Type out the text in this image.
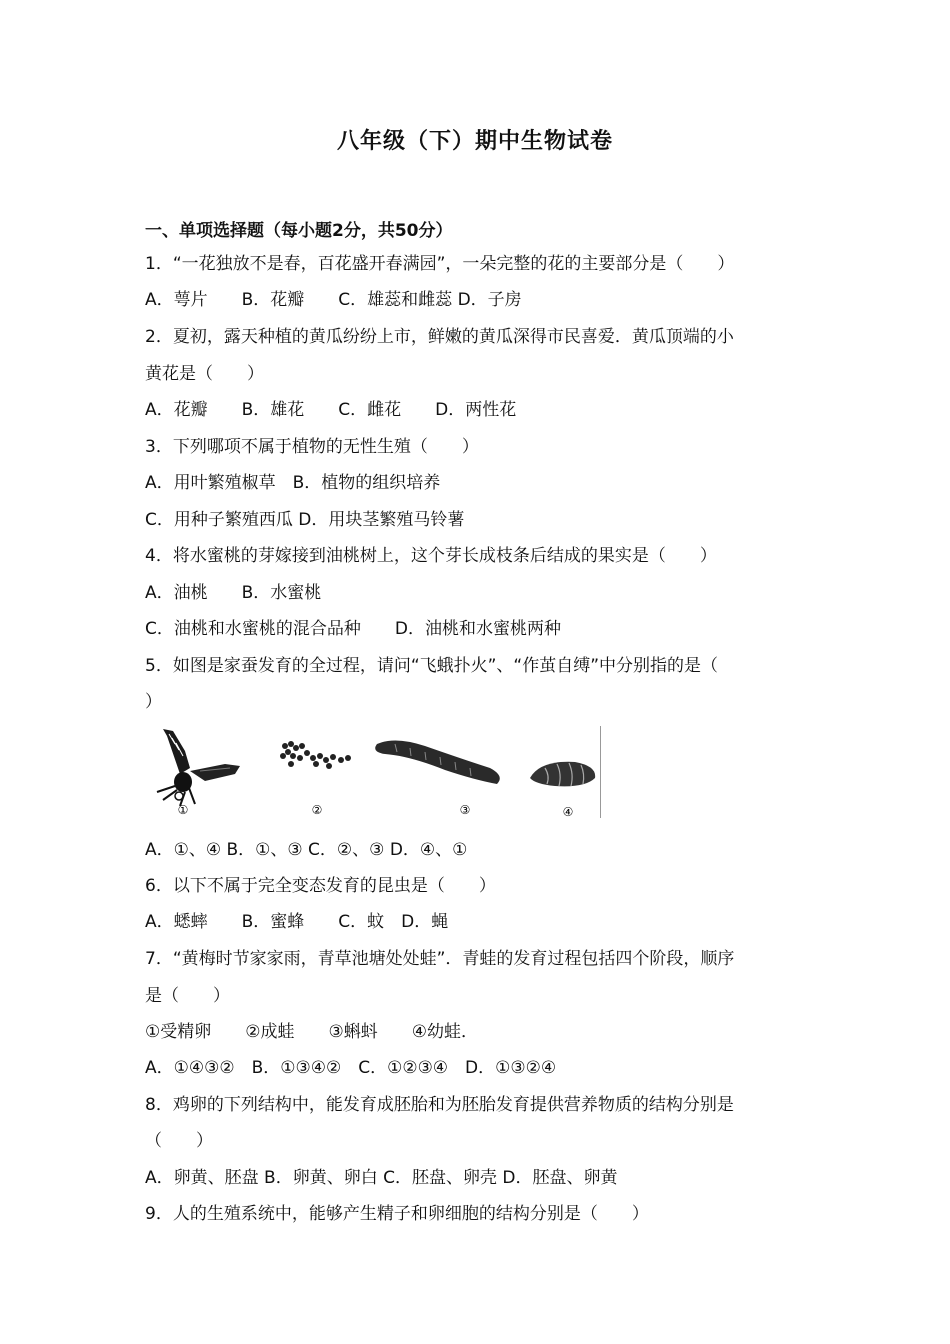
八年级（下）期中生物试卷
一、单项选择题（每小题2分，共50分）
1．“一花独放不是春，百花盛开春满园”，一朵完整的花的主要部分是（　　）
A．萼片　　B．花瓣　　C．雄蕊和雌蕊 D．子房
2．夏初，露天种植的黄瓜纷纷上市，鲜嫩的黄瓜深得市民喜爱．黄瓜顶端的小
黄花是（　　）
A．花瓣　　B．雄花　　C．雌花　　D．两性花
3．下列哪项不属于植物的无性生殖（　　）
A．用叶繁殖椒草　B．植物的组织培养
C．用种子繁殖西瓜 D．用块茎繁殖马铃薯
4．将水蜜桃的芽嫁接到油桃树上，这个芽长成枝条后结成的果实是（　　）
A．油桃　　B．水蜜桃
C．油桃和水蜜桃的混合品种　　D．油桃和水蜜桃两种
5．如图是家蚕发育的全过程，请问“飞蛾扑火”、“作茧自缚”中分别指的是（
）
①	②	③	④
A．①、④ B．①、③ C．②、③ D．④、①
6．以下不属于完全变态发育的昆虫是（　　）
A．蟋蟀　　B．蜜蜂　　C．蚊　D．蝇
7．“黄梅时节家家雨，青草池塘处处蛙”．青蛙的发育过程包括四个阶段，顺序
是（　　）
①受精卵　　②成蛙　　③蝌蚪　　④幼蛙．
A．①④③②　B．①③④②　C．①②③④　D．①③②④
8．鸡卵的下列结构中，能发育成胚胎和为胚胎发育提供营养物质的结构分别是
（　　）
A．卵黄、胚盘 B．卵黄、卵白 C．胚盘、卵壳 D．胚盘、卵黄
9．人的生殖系统中，能够产生精子和卵细胞的结构分别是（　　）
